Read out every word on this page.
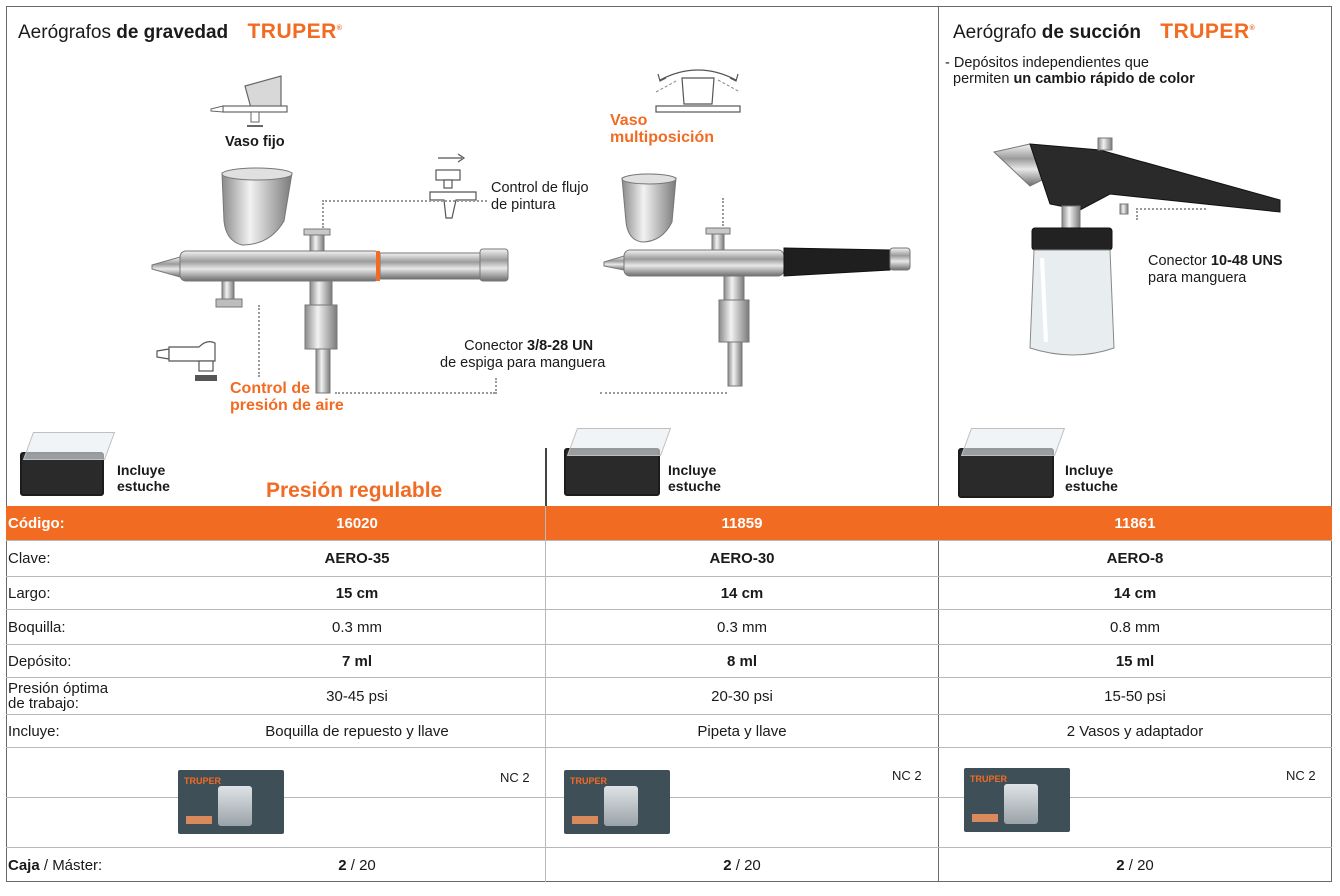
Aerógrafos de gravedad TRUPER®
Vaso fijo
Control de flujo
de pintura
Control de
presión de aire
Vaso
multiposición
Conector 3/8-28 UN
de espiga para manguera
Incluye
estuche	Presión regulable
Incluye
estuche
Aerógrafo de succión TRUPER®
- Depósitos independientes que
permiten un cambio rápido de color
Conector 10-48 UNS
para manguera
Incluye
estuche
Código:	16020	11859	11861
Clave:	AERO-35	AERO-30	AERO-8
Largo:	15 cm	14 cm	14 cm
Boquilla:	0.3 mm	0.3 mm	0.8 mm
Depósito:	7 ml	8 ml	15 ml
Presión óptima
de trabajo:	30-45 psi	20-30 psi	15-50 psi
Incluye:	Boquilla de repuesto y llave	Pipeta y llave	2 Vasos y adaptador
TRUPER	NC 2	TRUPER	NC 2	TRUPER	NC 2
Caja / Máster:	2 / 20	2 / 20	2 / 20
